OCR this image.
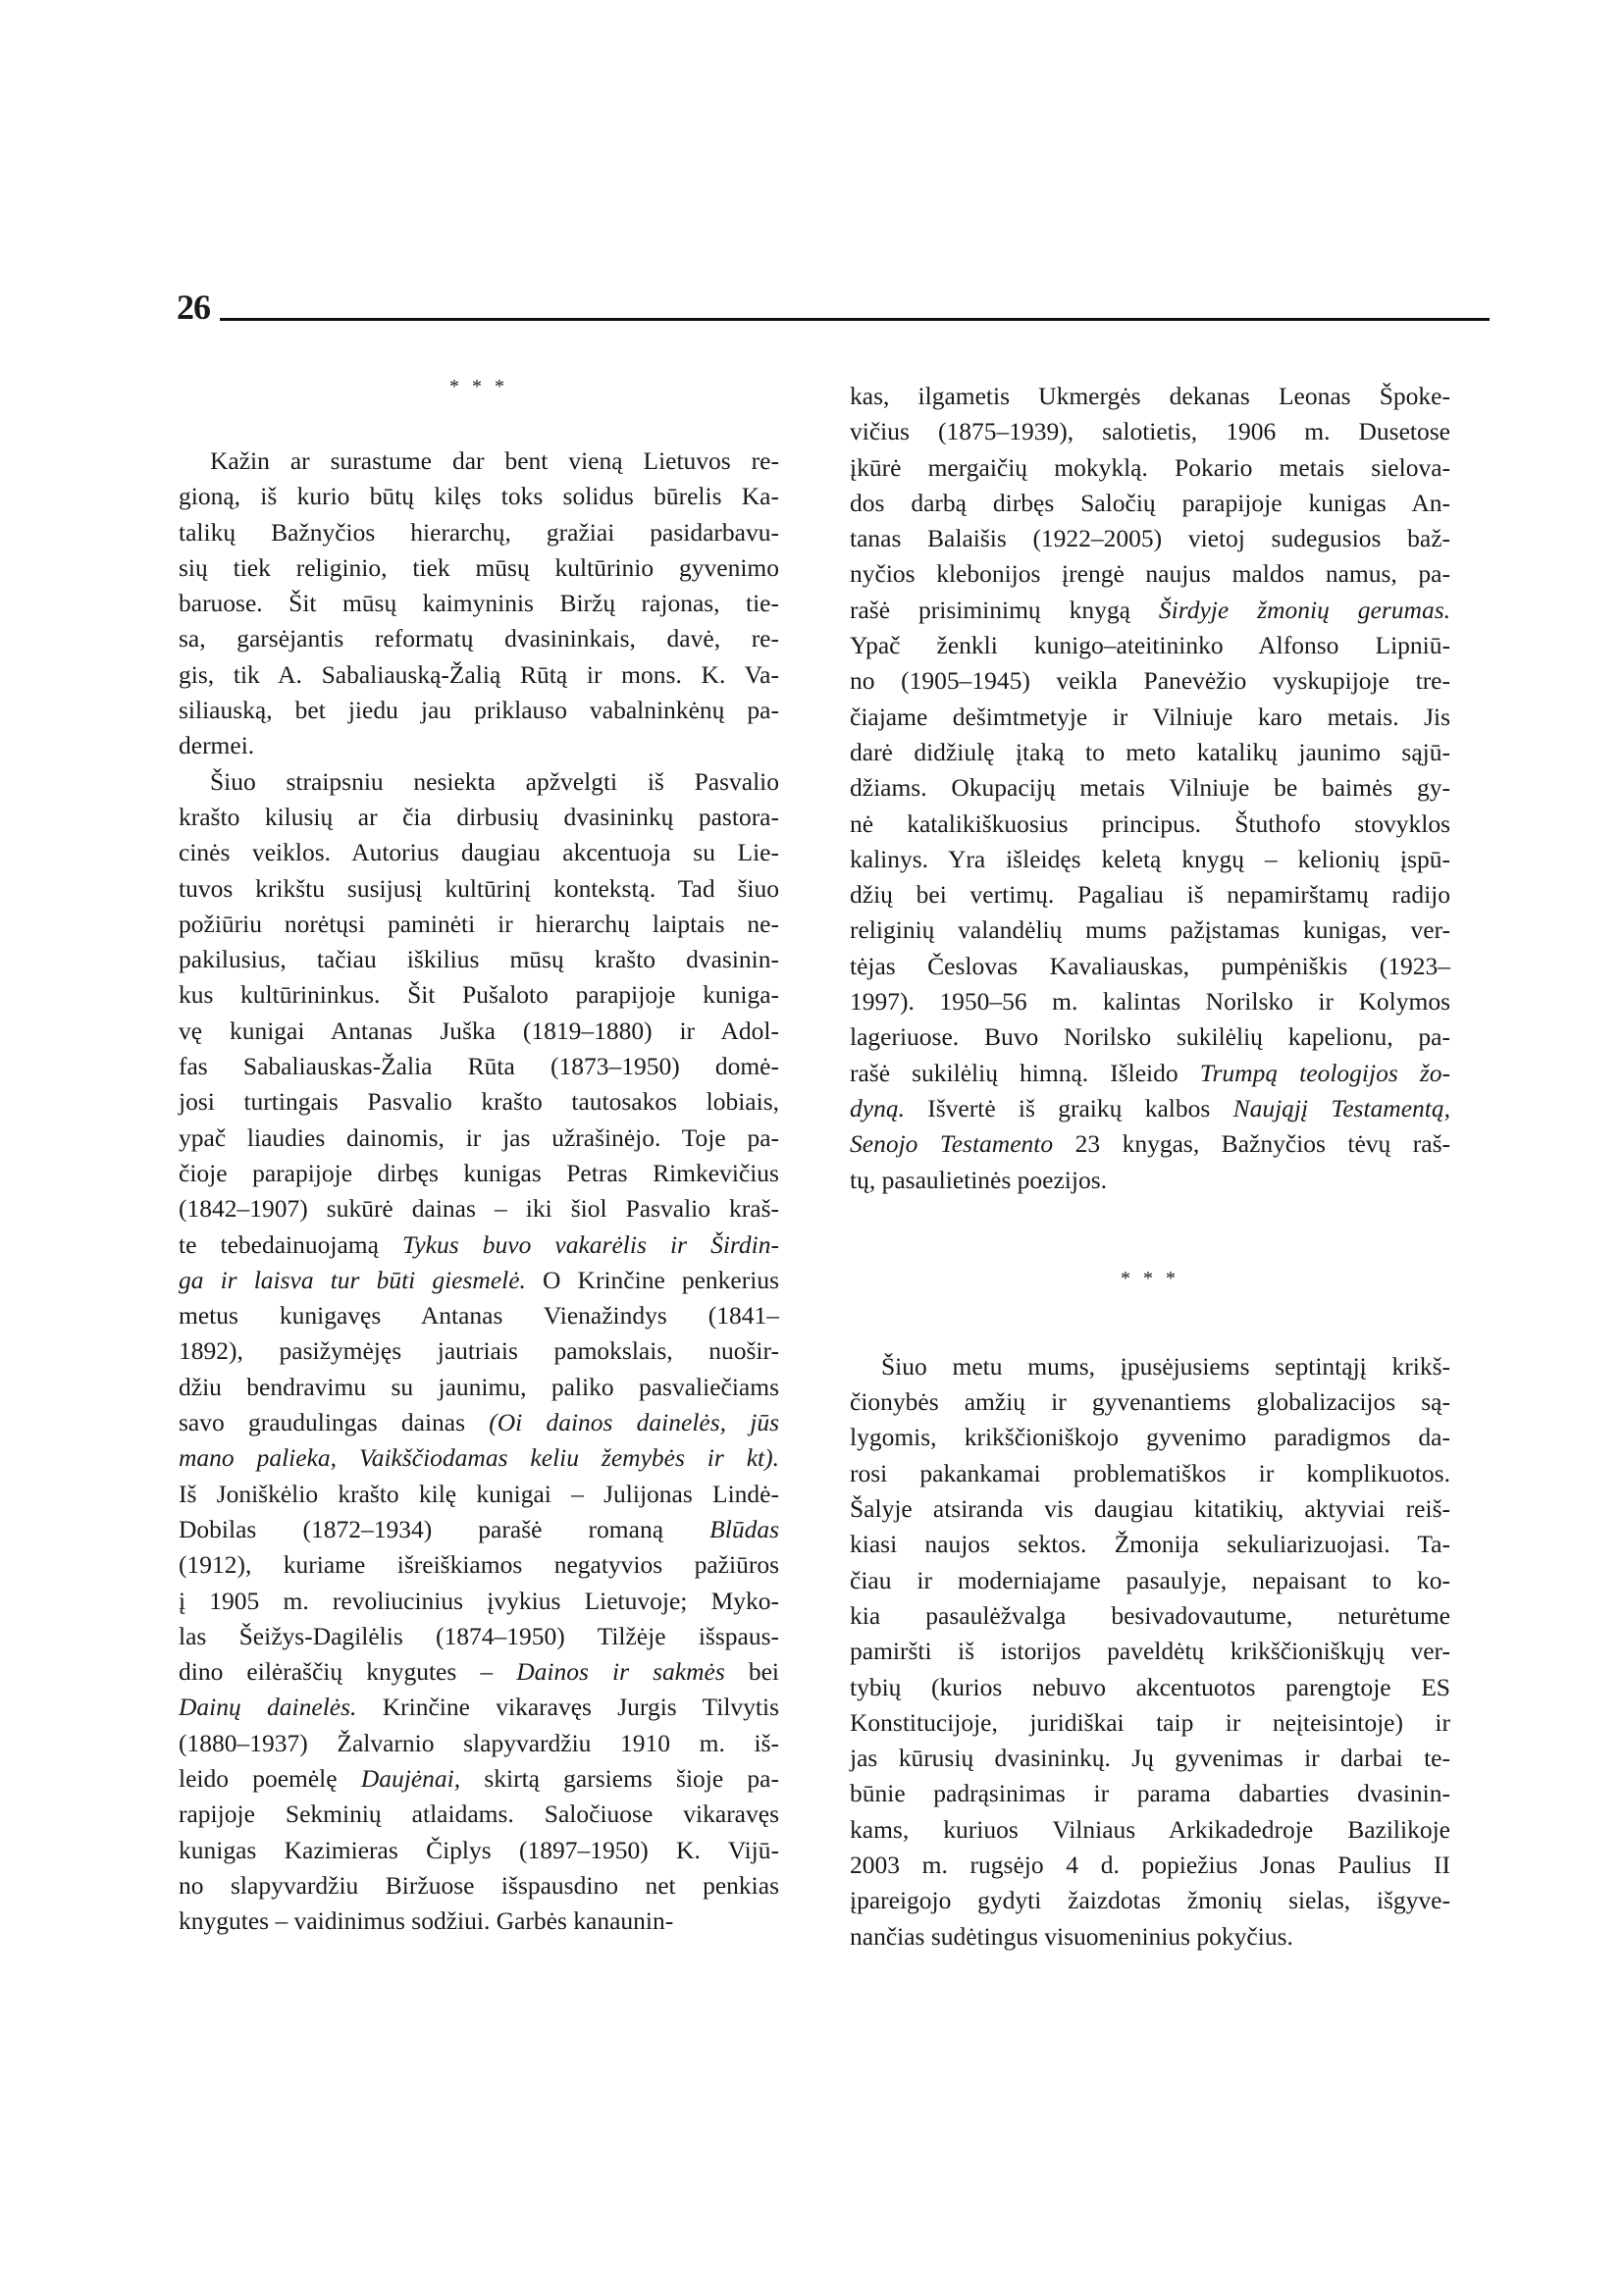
26
* * *
Kažin ar surastume dar bent vieną Lietuvos re-
gioną, iš kurio būtų kilęs toks solidus būrelis Ka-
talikų Bažnyčios hierarchų, gražiai pasidarbavu-
sių tiek religinio, tiek mūsų kultūrinio gyvenimo
baruose. Šit mūsų kaimyninis Biržų rajonas, tie-
sa, garsėjantis reformatų dvasininkais, davė, re-
gis, tik A. Sabaliauską-Žalią Rūtą ir mons. K. Va-
siliauską, bet jiedu jau priklauso vabalninkėnų pa-
dermei.
Šiuo straipsniu nesiekta apžvelgti iš Pasvalio
krašto kilusių ar čia dirbusių dvasininkų pastora-
cinės veiklos. Autorius daugiau akcentuoja su Lie-
tuvos krikštu susijusį kultūrinį kontekstą. Tad šiuo
požiūriu norėtųsi paminėti ir hierarchų laiptais ne-
pakilusius, tačiau iškilius mūsų krašto dvasinin-
kus kultūrininkus. Šit Pušaloto parapijoje kuniga-
vę kunigai Antanas Juška (1819–1880) ir Adol-
fas Sabaliauskas-Žalia Rūta (1873–1950) domė-
josi turtingais Pasvalio krašto tautosakos lobiais,
ypač liaudies dainomis, ir jas užrašinėjo. Toje pa-
čioje parapijoje dirbęs kunigas Petras Rimkevičius
(1842–1907) sukūrė dainas – iki šiol Pasvalio kraš-
te tebedainuojamą Tykus buvo vakarėlis ir Širdin-
ga ir laisva tur būti giesmelė. O Krinčine penkerius
metus kunigavęs Antanas Vienažindys (1841–
1892), pasižymėjęs jautriais pamokslais, nuošir-
džiu bendravimu su jaunimu, paliko pasvaliečiams
savo graudulingas dainas (Oi dainos dainelės, jūs
mano palieka, Vaikščiodamas keliu žemybės ir kt).
Iš Joniškėlio krašto kilę kunigai – Julijonas Lindė-
Dobilas (1872–1934) parašė romaną Blūdas
(1912), kuriame išreiškiamos negatyvios pažiūros
į 1905 m. revoliucinius įvykius Lietuvoje; Myko-
las Šeižys-Dagilėlis (1874–1950) Tilžėje išspaus-
dino eilėraščių knygutes – Dainos ir sakmės bei
Dainų dainelės. Krinčine vikaravęs Jurgis Tilvytis
(1880–1937) Žalvarnio slapyvardžiu 1910 m. iš-
leido poemėlę Daujėnai, skirtą garsiems šioje pa-
rapijoje Sekminių atlaidams. Saločiuose vikaravęs
kunigas Kazimieras Čiplys (1897–1950) K. Vijū-
no slapyvardžiu Biržuose išspausdino net penkias
knygutes – vaidinimus sodžiui. Garbės kanaunin-
kas, ilgametis Ukmergės dekanas Leonas Špoke-
vičius (1875–1939), salotietis, 1906 m. Dusetose
įkūrė mergaičių mokyklą. Pokario metais sielova-
dos darbą dirbęs Saločių parapijoje kunigas An-
tanas Balaišis (1922–2005) vietoj sudegusios baž-
nyčios klebonijos įrengė naujus maldos namus, pa-
rašė prisiminimų knygą Širdyje žmonių gerumas.
Ypač ženkli kunigo–ateitininko Alfonso Lipniū-
no (1905–1945) veikla Panevėžio vyskupijoje tre-
čiajame dešimtmetyje ir Vilniuje karo metais. Jis
darė didžiulę įtaką to meto katalikų jaunimo sąjū-
džiams. Okupacijų metais Vilniuje be baimės gy-
nė katalikiškuosius principus. Štuthofo stovyklos
kalinys. Yra išleidęs keletą knygų – kelionių įspū-
džių bei vertimų. Pagaliau iš nepamirštamų radijo
religinių valandėlių mums pažįstamas kunigas, ver-
tėjas Česlovas Kavaliauskas, pumpėniškis (1923–
1997). 1950–56 m. kalintas Norilsko ir Kolymos
lageriuose. Buvo Norilsko sukilėlių kapelionu, pa-
rašė sukilėlių himną. Išleido Trumpą teologijos žo-
dyną. Išvertė iš graikų kalbos Naująjį Testamentą,
Senojo Testamento 23 knygas, Bažnyčios tėvų raš-
tų, pasaulietinės poezijos.
* * *
Šiuo metu mums, įpusėjusiems septintąjį krikš-
čionybės amžių ir gyvenantiems globalizacijos są-
lygomis, krikščioniškojo gyvenimo paradigmos da-
rosi pakankamai problematiškos ir komplikuotos.
Šalyje atsiranda vis daugiau kitatikių, aktyviai reiš-
kiasi naujos sektos. Žmonija sekuliarizuojasi. Ta-
čiau ir moderniajame pasaulyje, nepaisant to ko-
kia pasaulėžvalga besivadovautume, neturėtume
pamiršti iš istorijos paveldėtų krikščioniškųjų ver-
tybių (kurios nebuvo akcentuotos parengtoje ES
Konstitucijoje, juridiškai taip ir neįteisintoje) ir
jas kūrusių dvasininkų. Jų gyvenimas ir darbai te-
būnie padrąsinimas ir parama dabarties dvasinin-
kams, kuriuos Vilniaus Arkikadedroje Bazilikoje
2003 m. rugsėjo 4 d. popiežius Jonas Paulius II
įpareigojo gydyti žaizdotas žmonių sielas, išgyve-
nančias sudėtingus visuomeninius pokyčius.
